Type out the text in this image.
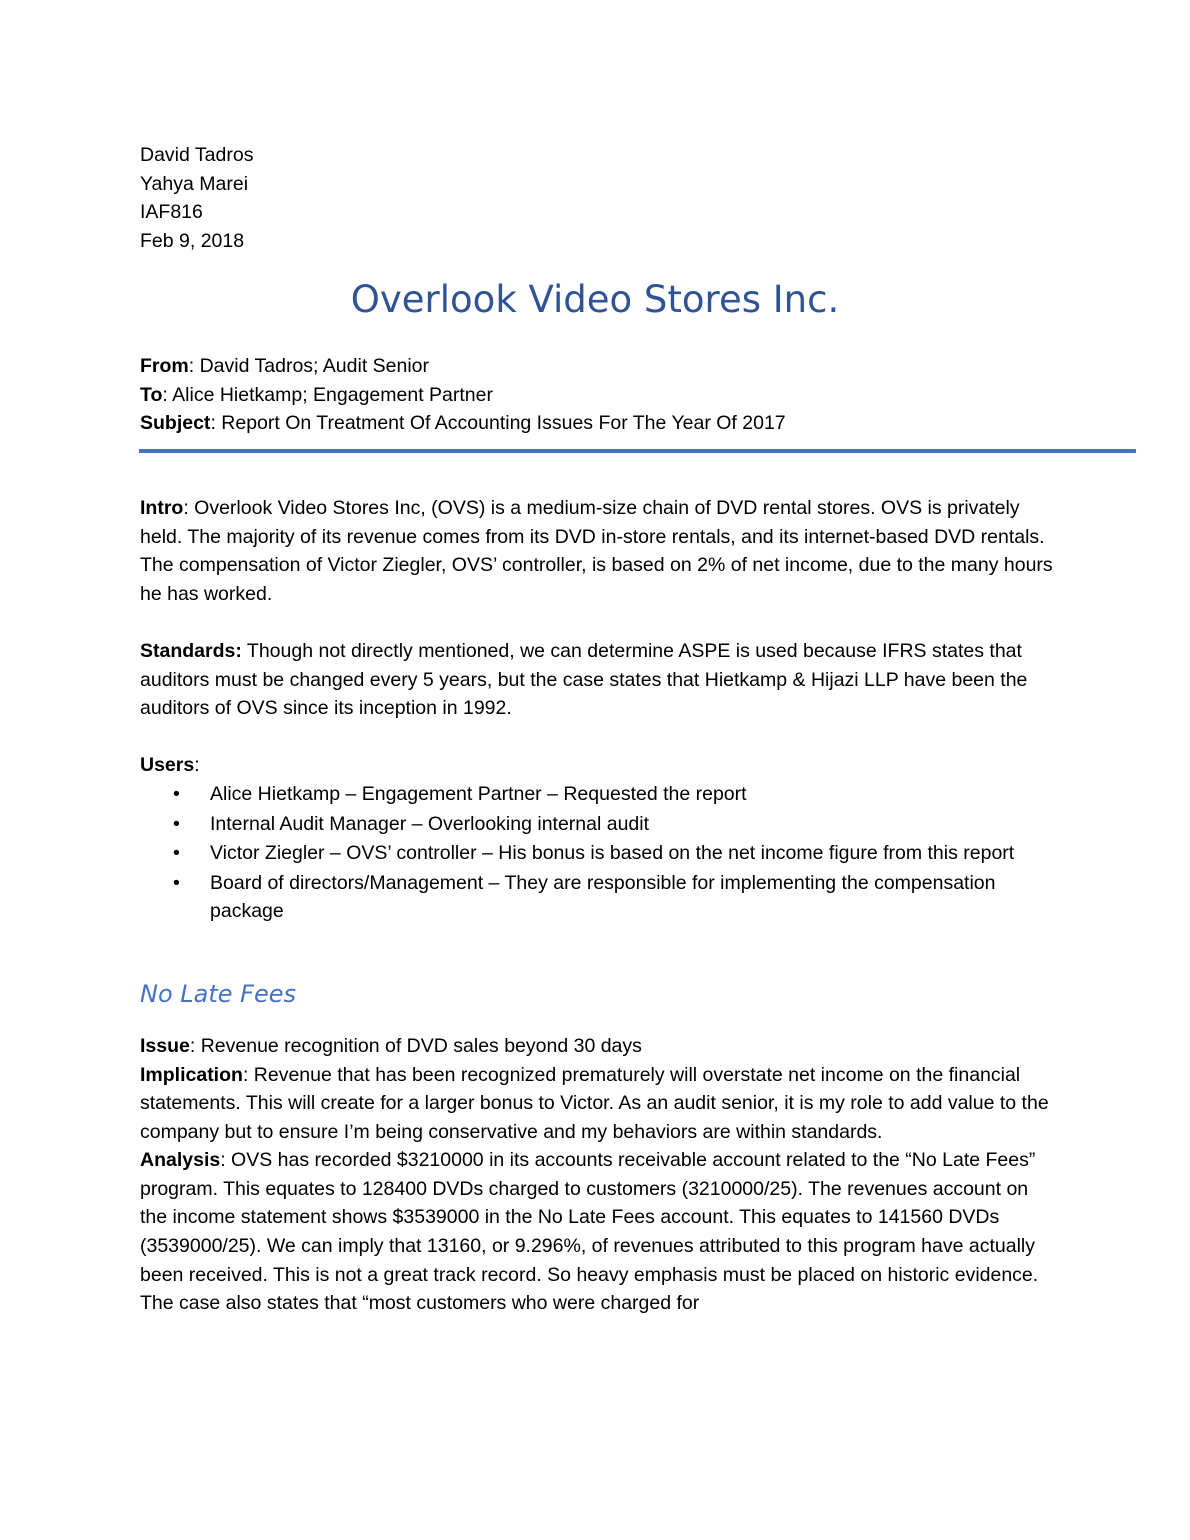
David Tadros
Yahya Marei
IAF816
Feb 9, 2018
Overlook Video Stores Inc.
From: David Tadros; Audit Senior
To: Alice Hietkamp; Engagement Partner
Subject: Report On Treatment Of Accounting Issues For The Year Of 2017

Intro: Overlook Video Stores Inc, (OVS) is a medium-size chain of DVD rental stores. OVS is privately held. The majority of its revenue comes from its DVD in-store rentals, and its internet-based DVD rentals. The compensation of Victor Ziegler, OVS’ controller, is based on 2% of net income, due to the many hours he has worked.

Standards: Though not directly mentioned, we can determine ASPE is used because IFRS states that auditors must be changed every 5 years, but the case states that Hietkamp & Hijazi LLP have been the auditors of OVS since its inception in 1992.

Users:

• Alice Hietkamp – Engagement Partner – Requested the report
• Internal Audit Manager – Overlooking internal audit
• Victor Ziegler – OVS’ controller – His bonus is based on the net income figure from this report
• Board of directors/Management – They are responsible for implementing the compensation package
No Late Fees

Issue: Revenue recognition of DVD sales beyond 30 days

Implication: Revenue that has been recognized prematurely will overstate net income on the financial statements. This will create for a larger bonus to Victor. As an audit senior, it is my role to add value to the company but to ensure I’m being conservative and my behaviors are within standards.

Analysis: OVS has recorded $3210000 in its accounts receivable account related to the “No Late Fees” program. This equates to 128400 DVDs charged to customers (3210000/25). The revenues account on the income statement shows $3539000 in the No Late Fees account. This equates to 141560 DVDs (3539000/25). We can imply that 13160, or 9.296%, of revenues attributed to this program have actually been received. This is not a great track record. So heavy emphasis must be placed on historic evidence. The case also states that “most customers who were charged for
